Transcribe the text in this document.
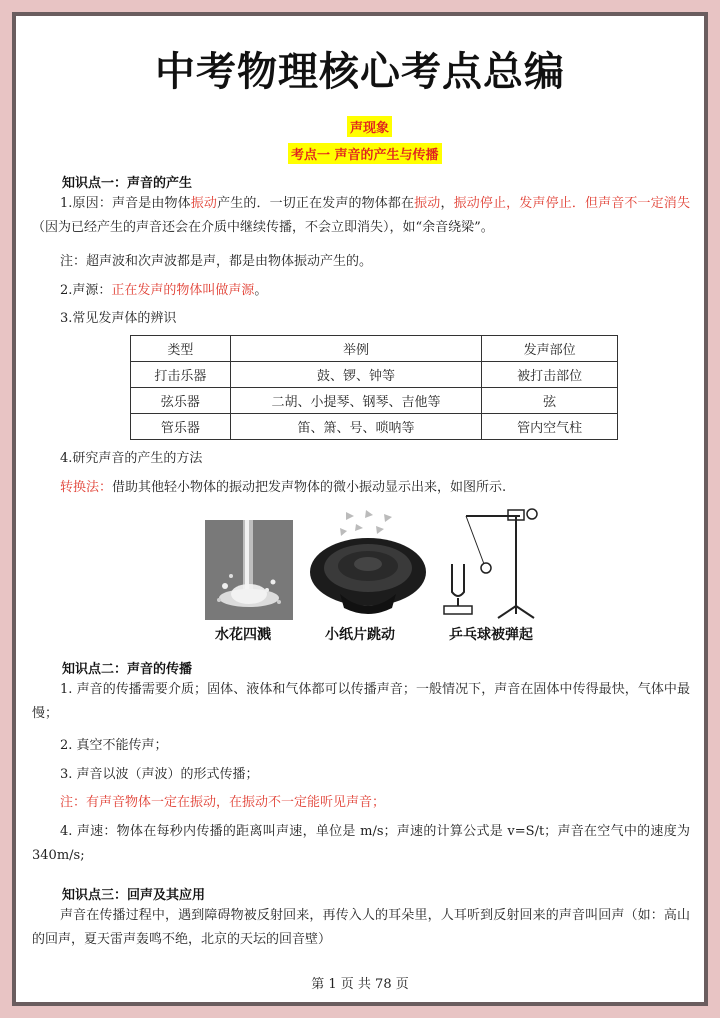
中考物理核心考点总编
声现象
考点一 声音的产生与传播
知识点一：声音的产生
1.原因：声音是由物体振动产生的．一切正在发声的物体都在振动，振动停止，发声停止．但声音不一定消失（因为已经产生的声音还会在介质中继续传播，不会立即消失），如“余音绕梁”。
注：超声波和次声波都是声，都是由物体振动产生的。
2.声源：正在发声的物体叫做声源。
3.常见发声体的辨识
类型	举例	发声部位
打击乐器	鼓、锣、钟等	被打击部位
弦乐器	二胡、小提琴、钢琴、吉他等	弦
管乐器	笛、箫、号、唢呐等	管内空气柱
4.研究声音的产生的方法
转换法：借助其他轻小物体的振动把发声物体的微小振动显示出来，如图所示.
水花四溅	小纸片跳动	乒乓球被弹起
知识点二：声音的传播
1. 声音的传播需要介质；固体、液体和气体都可以传播声音；一般情况下，声音在固体中传得最快，气体中最慢；
2. 真空不能传声；
3. 声音以波（声波）的形式传播；
注：有声音物体一定在振动，在振动不一定能听见声音；
4. 声速：物体在每秒内传播的距离叫声速，单位是 m/s；声速的计算公式是 v=S/t；声音在空气中的速度为 340m/s;
知识点三：回声及其应用
声音在传播过程中，遇到障碍物被反射回来，再传入人的耳朵里，人耳听到反射回来的声音叫回声（如：高山的回声，夏天雷声轰鸣不绝，北京的天坛的回音壁）
第 1 页 共 78 页
